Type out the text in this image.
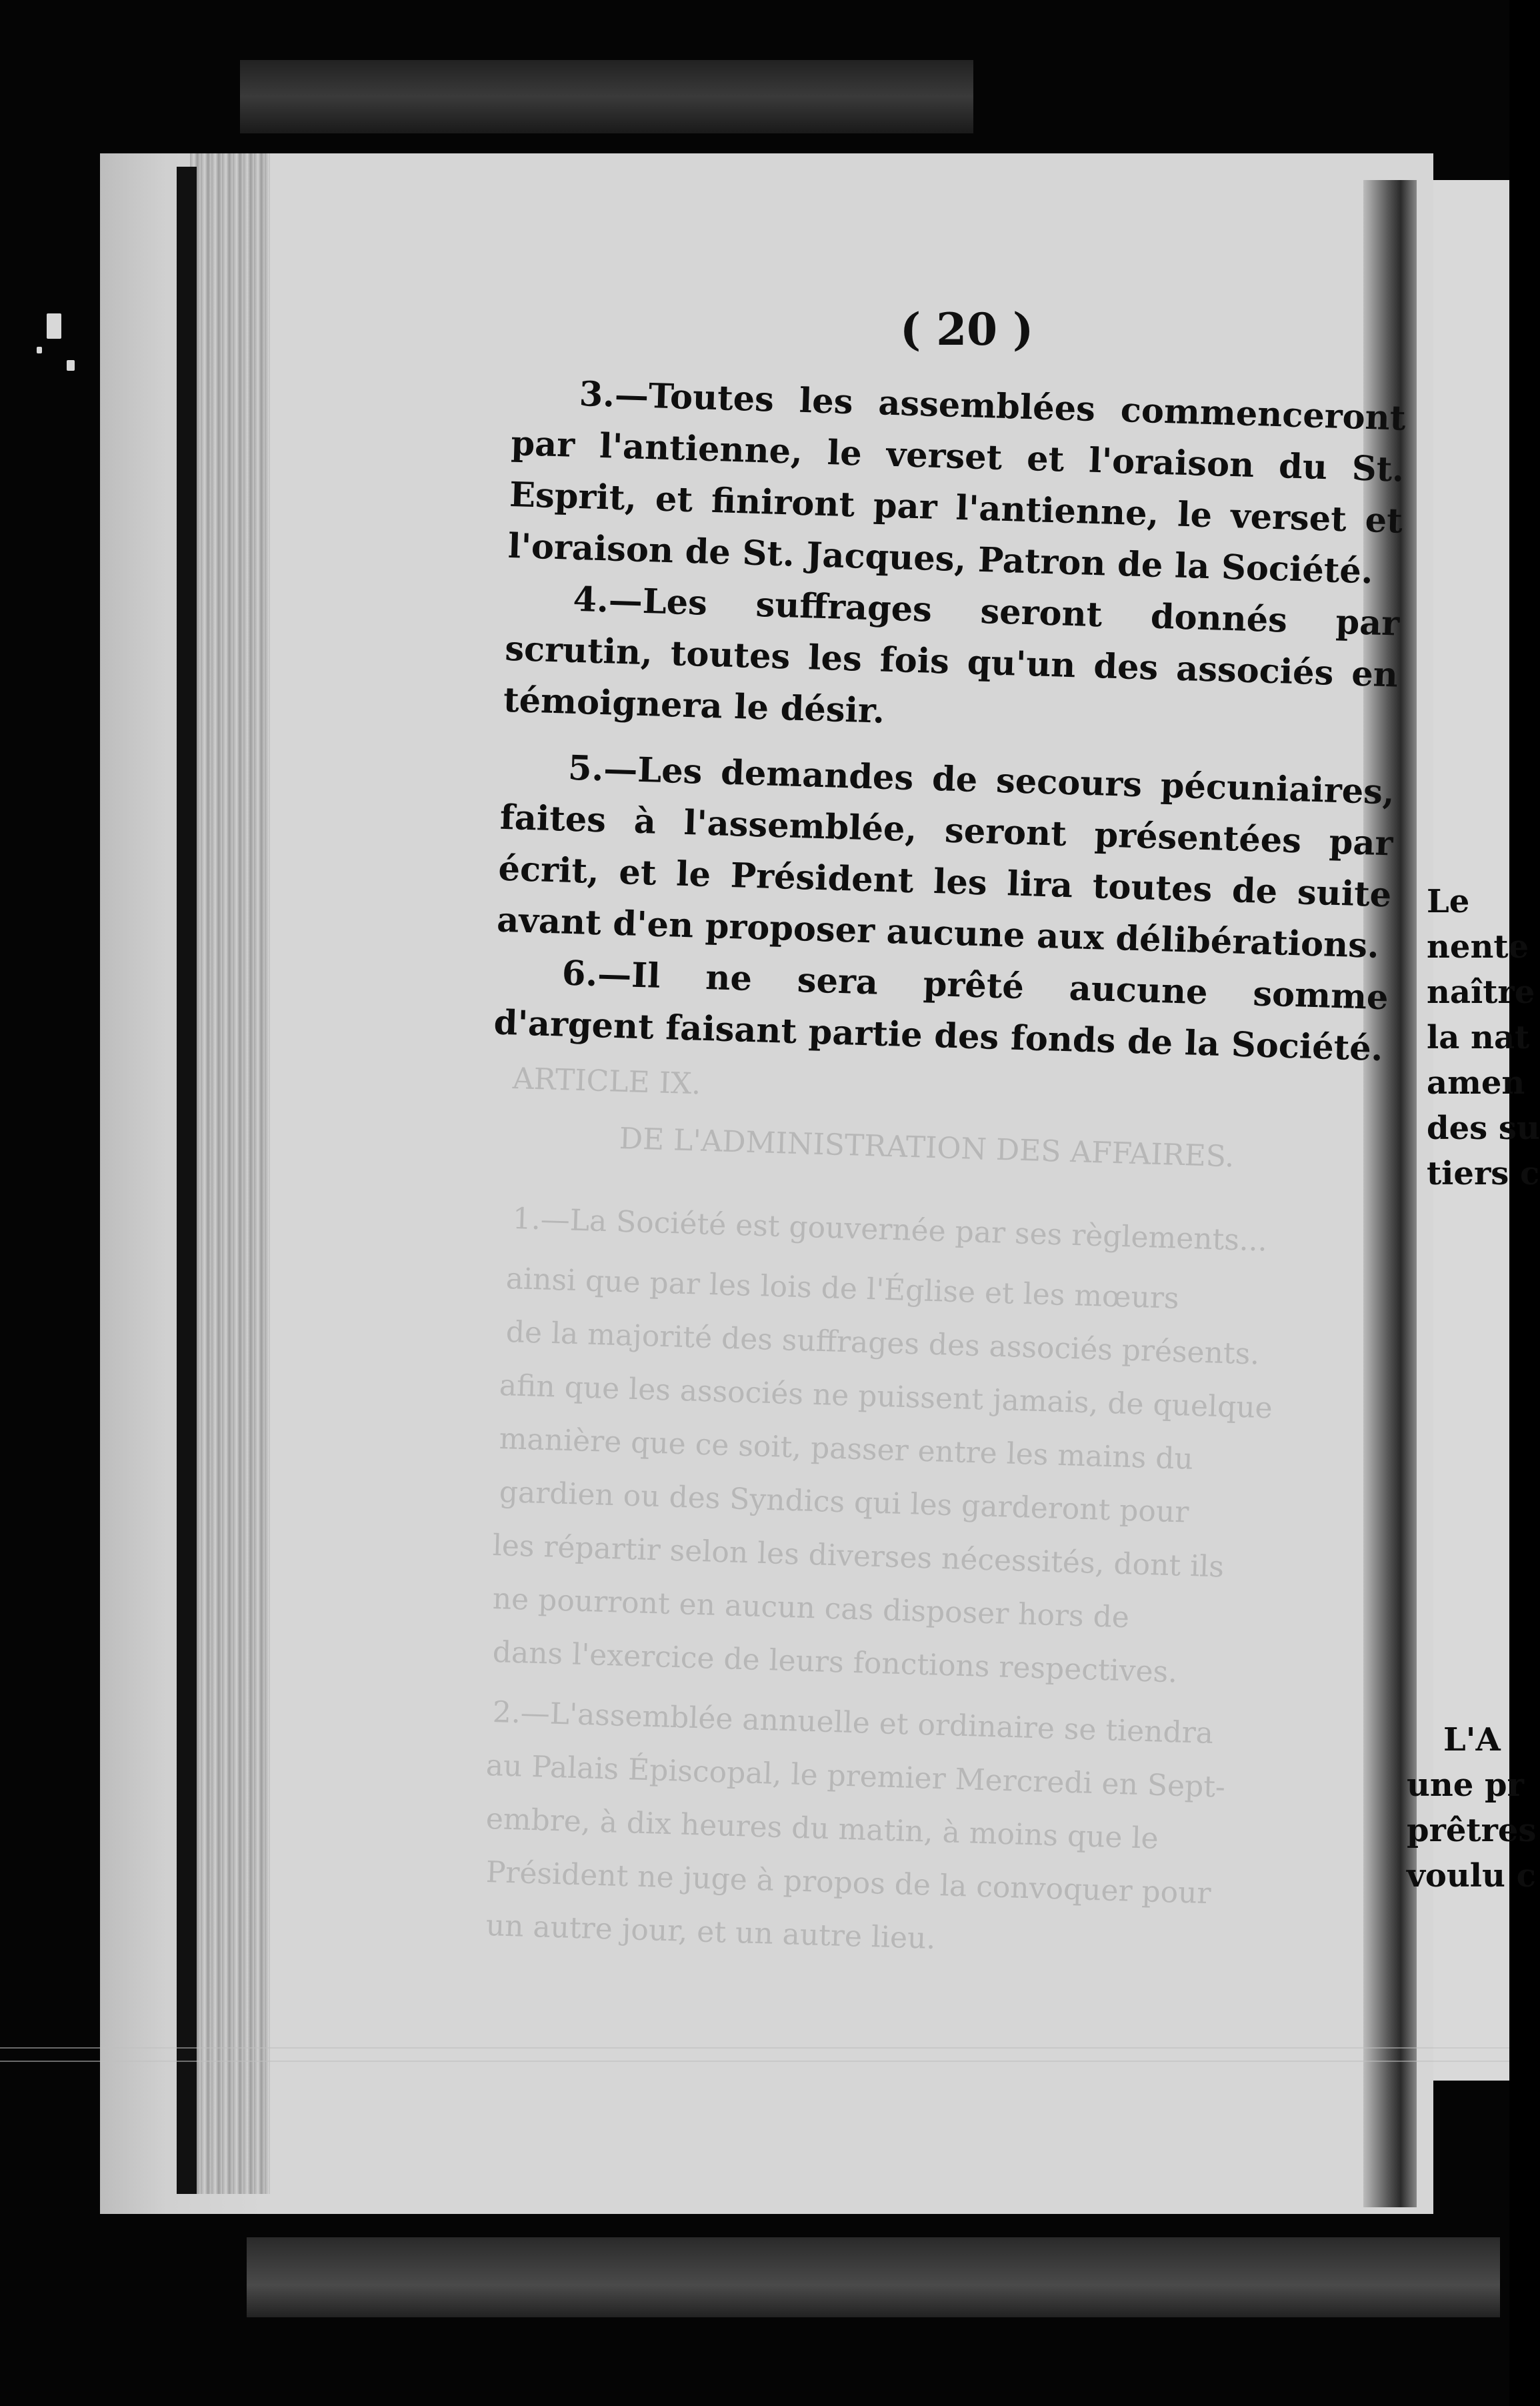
ARTICLE IX.
DE L'ADMINISTRATION DES AFFAIRES.
1.—La Société est gouvernée par ses règlements...
ainsi que par les lois de l'Église et les mœurs
de la majorité des suffrages des associés présents.
afin que les associés ne puissent jamais, de quelque
manière que ce soit, passer entre les mains du
gardien ou des Syndics qui les garderont pour
les répartir selon les diverses nécessités, dont ils
ne pourront en aucun cas disposer hors de
dans l'exercice de leurs fonctions respectives.
2.—L'assemblée annuelle et ordinaire se tiendra
au Palais Épiscopal, le premier Mercredi en Sept-
embre, à dix heures du matin, à moins que le
Président ne juge à propos de la convoquer pour
un autre jour, et un autre lieu.
( 20 )

3.—Toutes les assemblées commenceront par l'antienne, le verset et l'oraison du St. Esprit, et finiront par l'antienne, le verset et l'oraison de St. Jacques, Patron de la Société.

4.—Les suffrages seront donnés par scrutin, toutes les fois qu'un des associés en témoignera le désir.

5.—Les demandes de secours pécuniaires, faites à l'assemblée, seront présentées par écrit, et le Président les lira toutes de suite avant d'en proposer aucune aux délibérations.

6.—Il ne sera prêté aucune somme d'argent faisant partie des fonds de la Société.

Le
nente
naître
la nat
amen
des su
tiers c
L'A
une pr
prêtres
voulu c
